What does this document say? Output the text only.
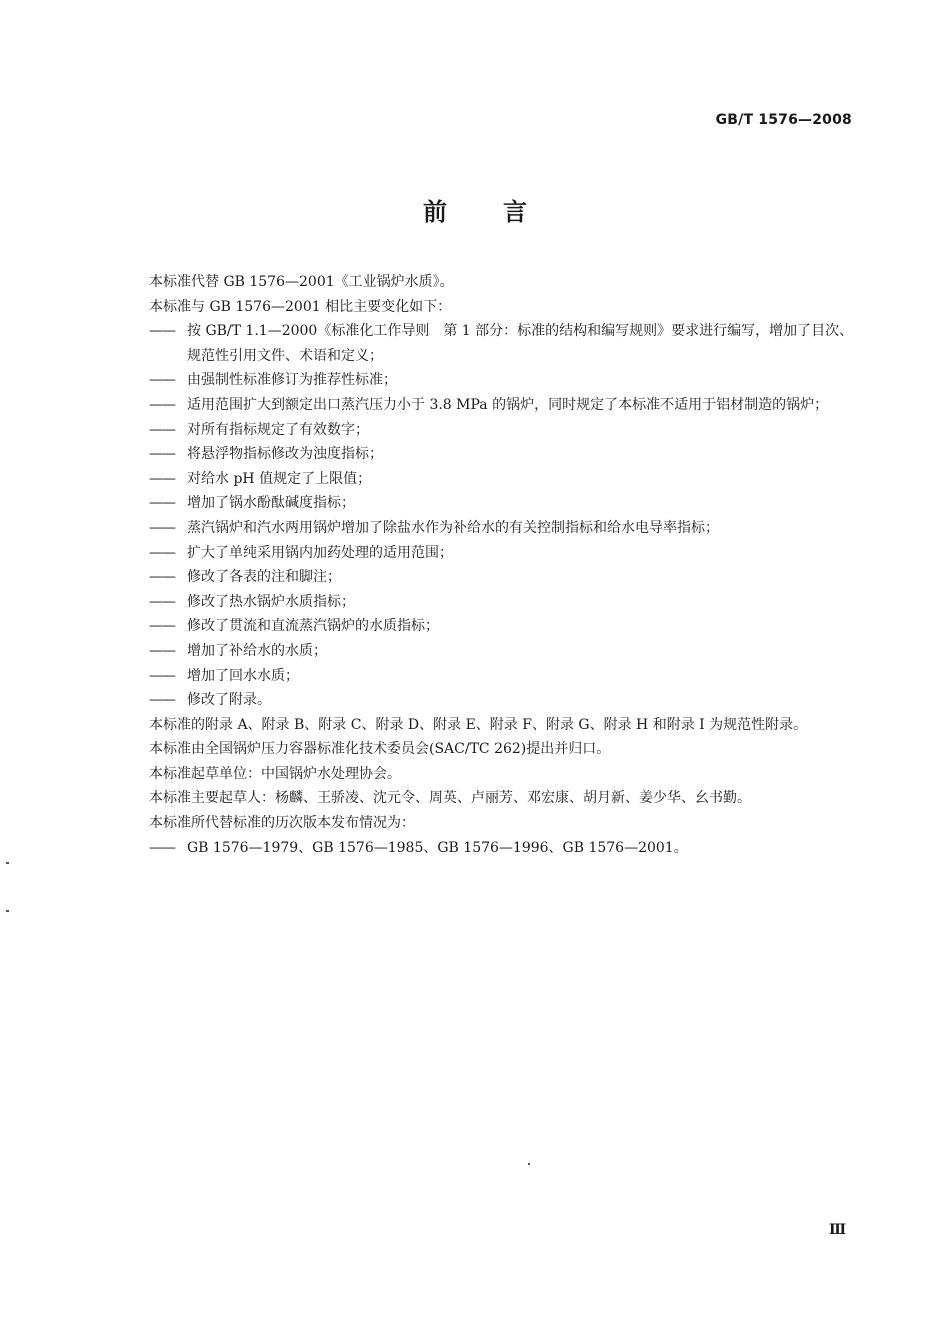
GB/T 1576—2008
前言

本标准代替 GB 1576—2001《工业锅炉水质》。

本标准与 GB 1576—2001 相比主要变化如下：

—— 按 GB/T 1.1—2000《标准化工作导则　第 1 部分：标准的结构和编写规则》要求进行编写，增加了目次、规范性引用文件、术语和定义；

—— 由强制性标准修订为推荐性标准；

—— 适用范围扩大到额定出口蒸汽压力小于 3.8 MPa 的锅炉，同时规定了本标准不适用于铝材制造的锅炉；

—— 对所有指标规定了有效数字；

—— 将悬浮物指标修改为浊度指标；

—— 对给水 pH 值规定了上限值；

—— 增加了锅水酚酞碱度指标；

—— 蒸汽锅炉和汽水两用锅炉增加了除盐水作为补给水的有关控制指标和给水电导率指标；

—— 扩大了单纯采用锅内加药处理的适用范围；

—— 修改了各表的注和脚注；

—— 修改了热水锅炉水质指标；

—— 修改了贯流和直流蒸汽锅炉的水质指标；

—— 增加了补给水的水质；

—— 增加了回水水质；

—— 修改了附录。

本标准的附录 A、附录 B、附录 C、附录 D、附录 E、附录 F、附录 G、附录 H 和附录 I 为规范性附录。

本标准由全国锅炉压力容器标准化技术委员会(SAC/TC 262)提出并归口。

本标准起草单位：中国锅炉水处理协会。

本标准主要起草人：杨麟、王骄凌、沈元令、周英、卢丽芳、邓宏康、胡月新、姜少华、幺书勤。

本标准所代替标准的历次版本发布情况为：

—— GB 1576—1979、GB 1576—1985、GB 1576—1996、GB 1576—2001。

Ⅲ
